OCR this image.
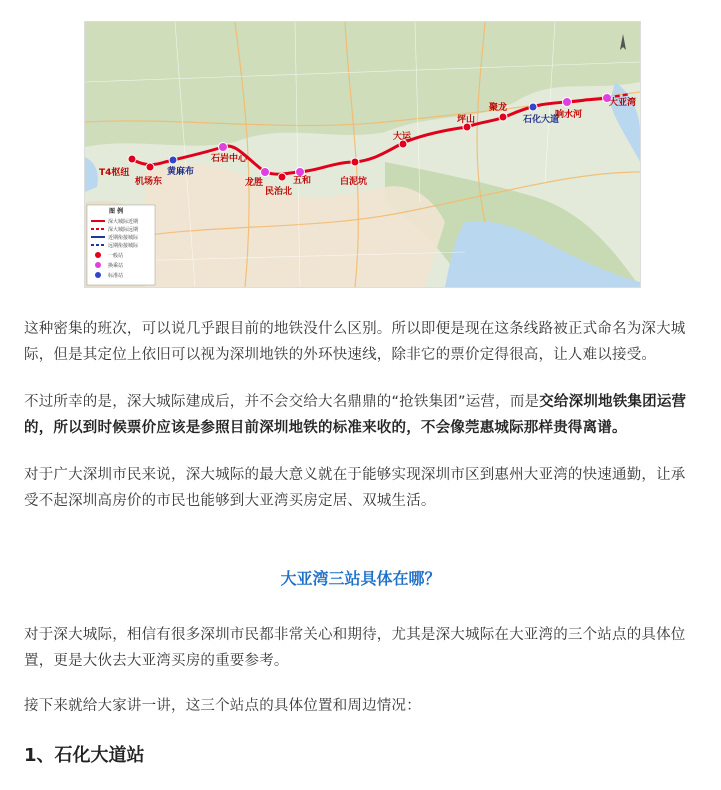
T4枢纽
机场东
黄麻布
石岩中心
龙胜
民治北
五和	白泥坑
大运
坪山
聚龙
石化大道
响水河
大亚湾
图 例
深大城际近期
深大城际远期
近期衔接城际
远期衔接城际
一般站
换乘站
标准站

这种密集的班次，可以说几乎跟目前的地铁没什么区别。所以即便是现在这条线路被正式命名为深大城际，但是其定位上依旧可以视为深圳地铁的外环快速线，除非它的票价定得很高，让人难以接受。

不过所幸的是，深大城际建成后，并不会交给大名鼎鼎的“抢铁集团”运营，而是交给深圳地铁集团运营的，所以到时候票价应该是参照目前深圳地铁的标准来收的，不会像莞惠城际那样贵得离谱。

对于广大深圳市民来说，深大城际的最大意义就在于能够实现深圳市区到惠州大亚湾的快速通勤，让承受不起深圳高房价的市民也能够到大亚湾买房定居、双城生活。

大亚湾三站具体在哪？

对于深大城际，相信有很多深圳市民都非常关心和期待，尤其是深大城际在大亚湾的三个站点的具体位置，更是大伙去大亚湾买房的重要参考。

接下来就给大家讲一讲，这三个站点的具体位置和周边情况：

1、石化大道站
